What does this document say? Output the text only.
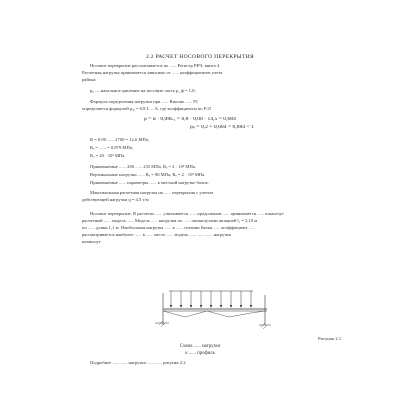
2.2 РАСЧЕТ НОСОВОГО ПЕРЕКРЫТИЯ
Носовое перекрытие рассчитывается по ...... Регистр РЕЧ, книга 4.
Расчетная нагрузка принимается зависимо от ...... коэффициентов учета
района
p₀ — начальное давление на носовую часть p_ф = 1,0;
Формула определения нагрузки при ...... Вполне ...... Р1
определяется формулой ρₐₒ = 0,8 L ... A, где коэффициенты по Р.15
ρ = α · 0,08L₁ = 0,8 · 0,08 · 14,5 = 0,684
ρₚ = 0,2 + 0,684 = 0,884 < 1
R = 0,90 ...... 2700 = 12,6 МПа;
Rₑ = ...... = 0,879 МПа;
Rₒ = 20 · 10³ МПа.
Принимаемые ...... 200 ...... 235 МПа, Rₑ = 2 · 10³ МПа.
Вертикальные нагрузки ...... Rₑ = 96 МПа, Rₒ = 2 · 10³ МПа.
Принимаемые ...... параметры ...... к местной нагрузке балок.
Максимальная расчетная нагрузка на ...... перекрытия с учетом
действующей нагрузки q = 4,5 т/м
Носовое перекрытие. В расчетах ...... учитывается ...... продольным ...... принимается ...... шпангоут
расчетный ...... модель ...... Модель ...... нагрузки по ...... шпангоутами шпацией l₁ = 2,10 м
по ...... длина 1,1 м. Наибольшая нагрузка ...... в ...... сечении балки ...... коэффициент ......
рассматривается наиболее ...... в ...... место ...... модель ...... ...... ...... нагрузки
шпангоут
Рисунок 2.1
Схема ...... нагрузки
к ...... профиль
Подробнее ...... ...... нагрузки ...... ...... рисунке 2.2
